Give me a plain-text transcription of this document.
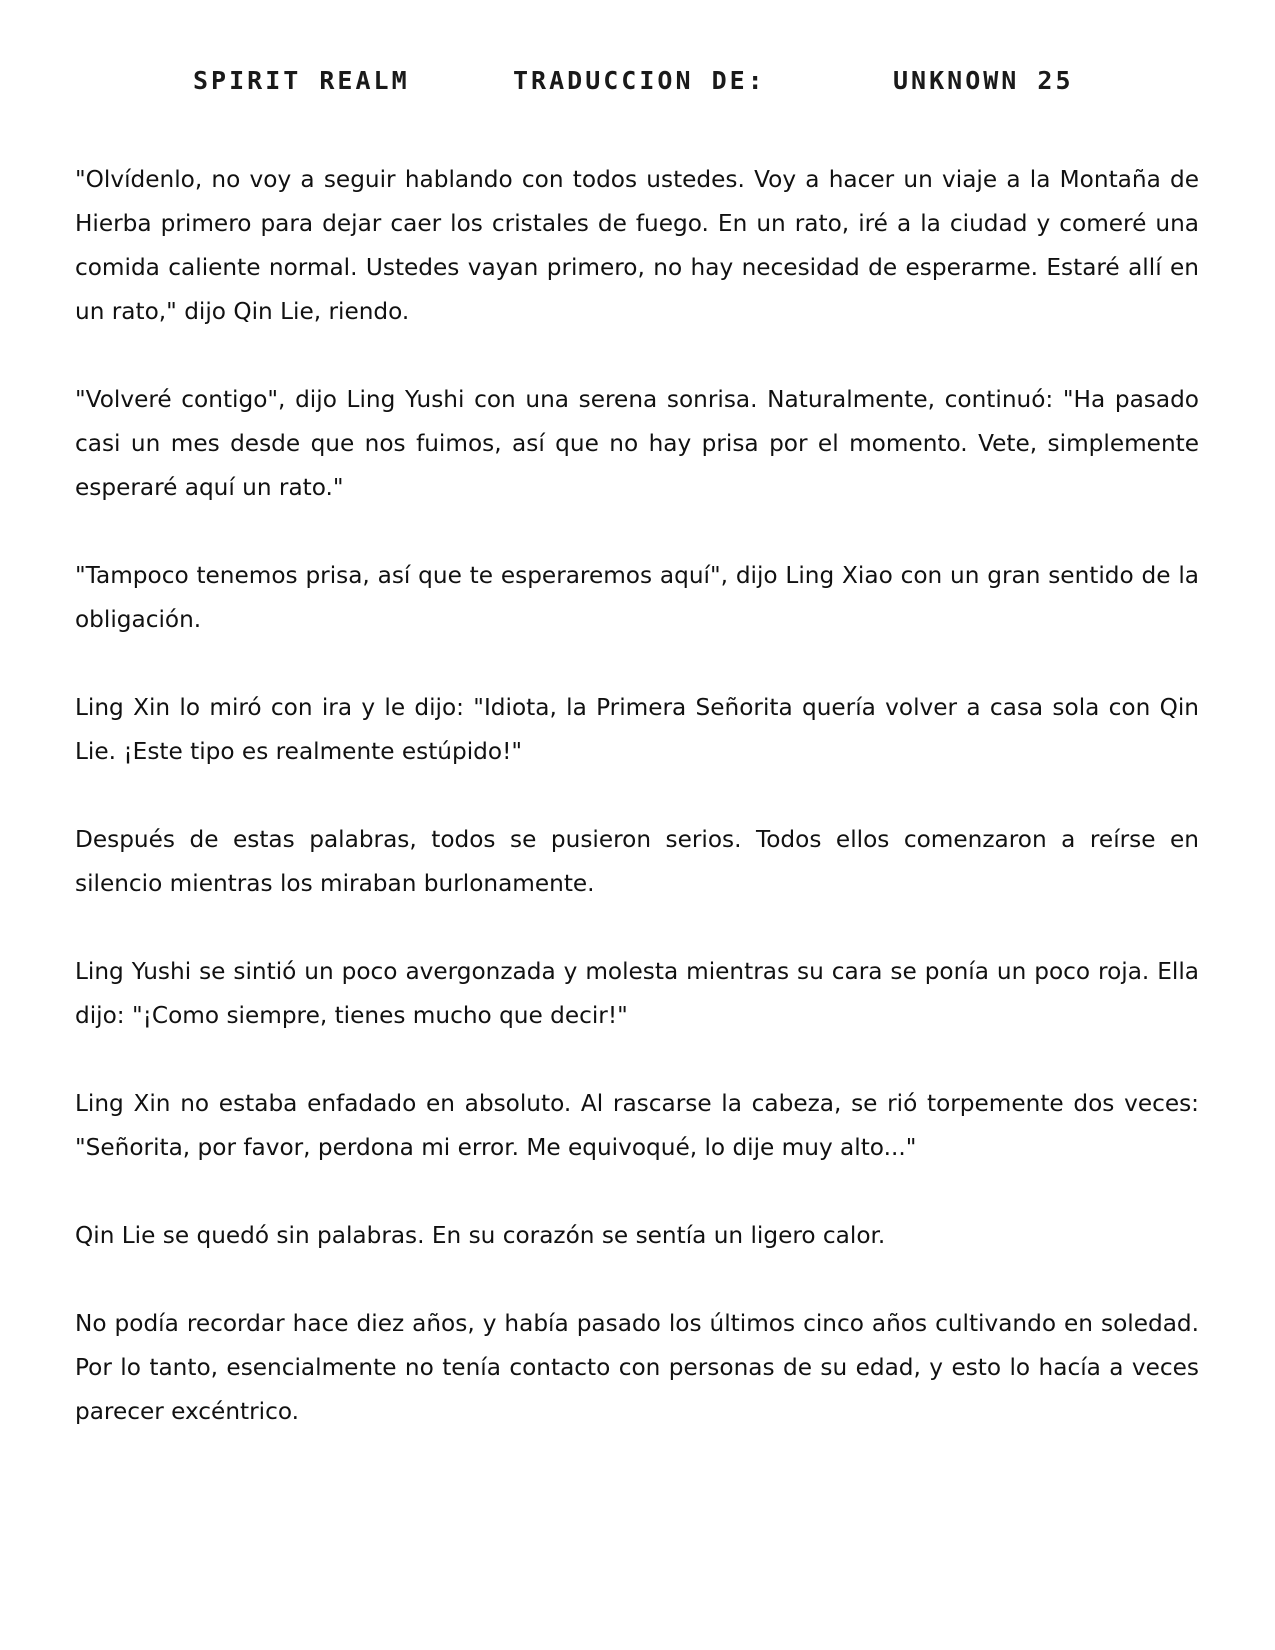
SPIRIT REALM	TRADUCCION DE:	UNKNOWN 25

"Olvídenlo, no voy a seguir hablando con todos ustedes. Voy a hacer un viaje a la Montaña de Hierba primero para dejar caer los cristales de fuego. En un rato, iré a la ciudad y comeré una comida caliente normal. Ustedes vayan primero, no hay necesidad de esperarme. Estaré allí en un rato," dijo Qin Lie, riendo.

"Volveré contigo", dijo Ling Yushi con una serena sonrisa. Naturalmente, continuó: "Ha pasado casi un mes desde que nos fuimos, así que no hay prisa por el momento. Vete, simplemente esperaré aquí un rato."

"Tampoco tenemos prisa, así que te esperaremos aquí", dijo Ling Xiao con un gran sentido de la obligación.

Ling Xin lo miró con ira y le dijo: "Idiota, la Primera Señorita quería volver a casa sola con Qin Lie. ¡Este tipo es realmente estúpido!"

Después de estas palabras, todos se pusieron serios. Todos ellos comenzaron a reírse en silencio mientras los miraban burlonamente.

Ling Yushi se sintió un poco avergonzada y molesta mientras su cara se ponía un poco roja. Ella dijo: "¡Como siempre, tienes mucho que decir!"

Ling Xin no estaba enfadado en absoluto. Al rascarse la cabeza, se rió torpemente dos veces: "Señorita, por favor, perdona mi error. Me equivoqué, lo dije muy alto..."

Qin Lie se quedó sin palabras. En su corazón se sentía un ligero calor.

No podía recordar hace diez años, y había pasado los últimos cinco años cultivando en soledad. Por lo tanto, esencialmente no tenía contacto con personas de su edad, y esto lo hacía a veces parecer excéntrico.
